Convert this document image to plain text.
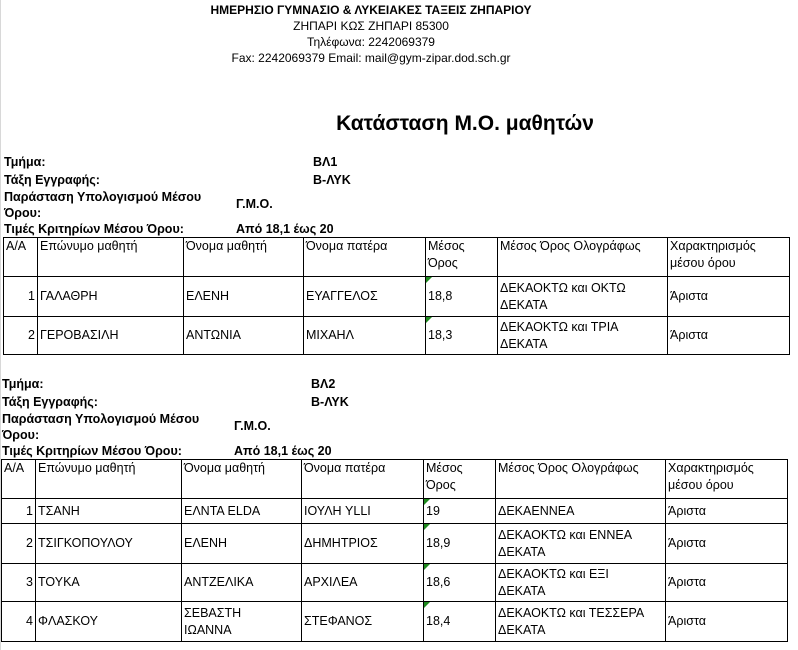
ΗΜΕΡΗΣΙΟ ΓΥΜΝΑΣΙΟ & ΛΥΚΕΙΑΚΕΣ ΤΑΞΕΙΣ ΖΗΠΑΡΙΟΥ
ΖΗΠΑΡΙ ΚΩΣ ΖΗΠΑΡΙ 85300
Τηλέφωνα: 2242069379
Fax: 2242069379 Email: mail@gym-zipar.dod.sch.gr
Κατάσταση Μ.Ο. μαθητών
Τμήμα:	ΒΛ1
Τάξη Εγγραφής:	Β-ΛΥΚ
Παράσταση Υπολογισμού Μέσου
Όρου:
Γ.Μ.Ο.
Τιμές Κριτηρίων Μέσου Όρου:	Από 18,1 έως 20
Α/Α	Επώνυμο μαθητή	Όνομα μαθητή	Όνομα πατέρα	Μέσος
Όρος	Μέσος Όρος Ολογράφως	Χαρακτηρισμός
μέσου όρου
1	ΓΑΛΑΘΡΗ	ΕΛΕΝΗ	ΕΥΑΓΓΕΛΟΣ	18,8	ΔΕΚΑΟΚΤΩ και ΟΚΤΩ
ΔΕΚΑΤΑ	Άριστα
2	ΓΕΡΟΒΑΣΙΛΗ	ΑΝΤΩΝΙΑ	ΜΙΧΑΗΛ	18,3	ΔΕΚΑΟΚΤΩ και ΤΡΙΑ
ΔΕΚΑΤΑ	Άριστα
Τμήμα:	ΒΛ2
Τάξη Εγγραφής:	Β-ΛΥΚ
Παράσταση Υπολογισμού Μέσου
Όρου:
Γ.Μ.Ο.
Τιμές Κριτηρίων Μέσου Όρου:	Από 18,1 έως 20
Α/Α	Επώνυμο μαθητή	Όνομα μαθητή	Όνομα πατέρα	Μέσος
Όρος	Μέσος Όρος Ολογράφως	Χαρακτηρισμός
μέσου όρου
1	ΤΣΑΝΗ	ΕΛΝΤΑ ELDA	ΙΟΥΛΗ YLLI	19	ΔΕΚΑΕΝΝΕΑ	Άριστα
2	ΤΣΙΓΚΟΠΟΥΛΟΥ	ΕΛΕΝΗ	ΔΗΜΗΤΡΙΟΣ	18,9	ΔΕΚΑΟΚΤΩ και ΕΝΝΕΑ
ΔΕΚΑΤΑ	Άριστα
3	ΤΟΥΚΑ	ΑΝΤΖΕΛΙΚΑ	ΑΡΧΙΛΕΑ	18,6	ΔΕΚΑΟΚΤΩ και ΕΞΙ
ΔΕΚΑΤΑ	Άριστα
4	ΦΛΑΣΚΟΥ	ΣΕΒΑΣΤΗ
ΙΩΑΝΝΑ	ΣΤΕΦΑΝΟΣ	18,4	ΔΕΚΑΟΚΤΩ και ΤΕΣΣΕΡΑ
ΔΕΚΑΤΑ	Άριστα
